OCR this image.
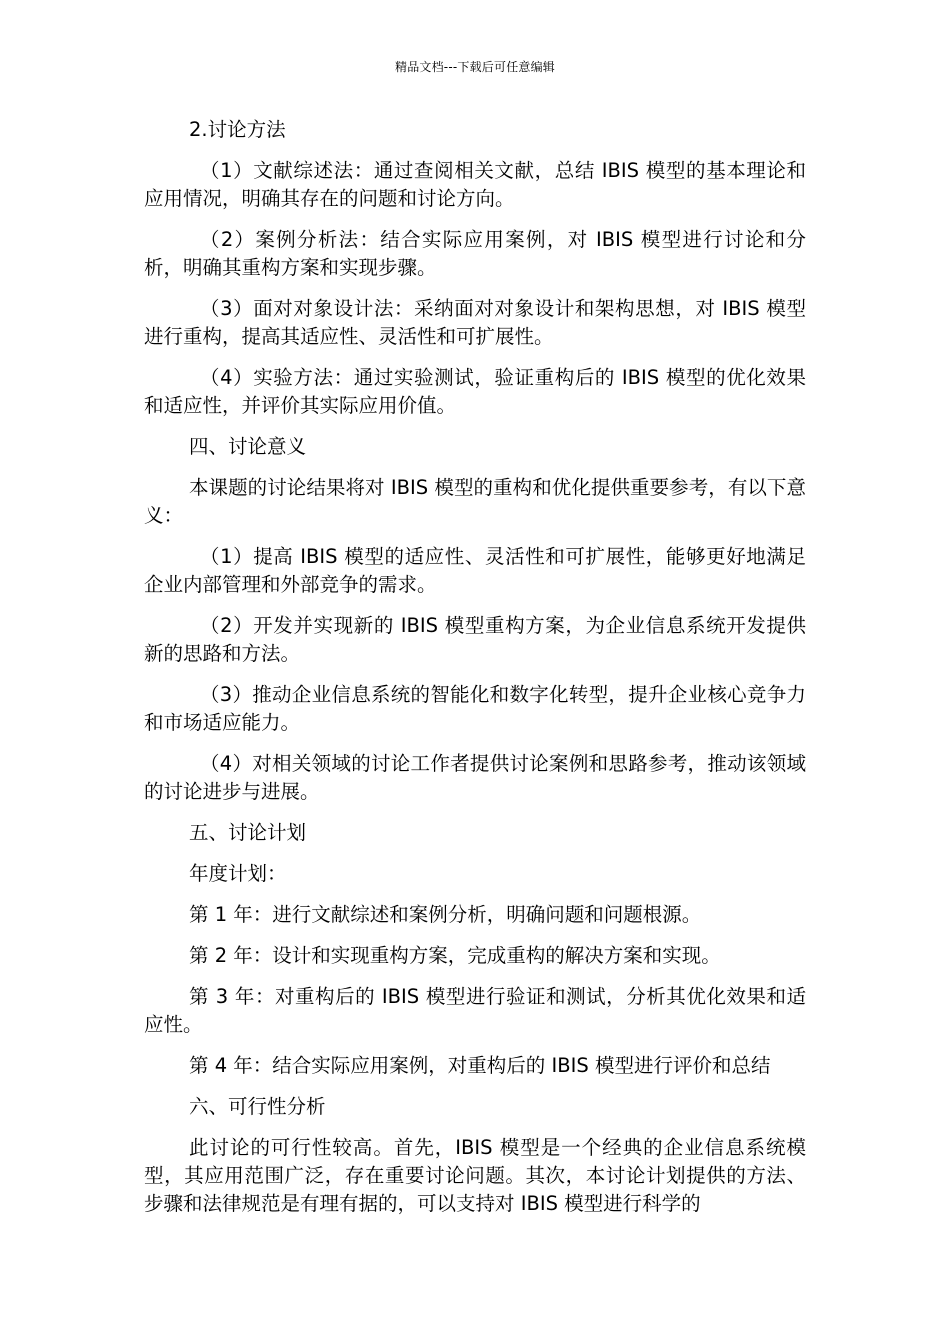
精品文档---下载后可任意编辑

2.讨论方法

（1）文献综述法：通过查阅相关文献，总结 IBIS 模型的基本理论和应用情况，明确其存在的问题和讨论方向。

（2）案例分析法：结合实际应用案例，对 IBIS 模型进行讨论和分析，明确其重构方案和实现步骤。

（3）面对对象设计法：采纳面对对象设计和架构思想，对 IBIS 模型进行重构，提高其适应性、灵活性和可扩展性。

（4）实验方法：通过实验测试，验证重构后的 IBIS 模型的优化效果和适应性，并评价其实际应用价值。

四、讨论意义

本课题的讨论结果将对 IBIS 模型的重构和优化提供重要参考，有以下意义：

（1）提高 IBIS 模型的适应性、灵活性和可扩展性，能够更好地满足企业内部管理和外部竞争的需求。

（2）开发并实现新的 IBIS 模型重构方案，为企业信息系统开发提供新的思路和方法。

（3）推动企业信息系统的智能化和数字化转型，提升企业核心竞争力和市场适应能力。

（4）对相关领域的讨论工作者提供讨论案例和思路参考，推动该领域的讨论进步与进展。

五、讨论计划

年度计划：

第 1 年：进行文献综述和案例分析，明确问题和问题根源。

第 2 年：设计和实现重构方案，完成重构的解决方案和实现。

第 3 年：对重构后的 IBIS 模型进行验证和测试，分析其优化效果和适应性。

第 4 年：结合实际应用案例，对重构后的 IBIS 模型进行评价和总结

六、可行性分析

此讨论的可行性较高。首先，IBIS 模型是一个经典的企业信息系统模型，其应用范围广泛，存在重要讨论问题。其次，本讨论计划提供的方法、步骤和法律规范是有理有据的，可以支持对 IBIS 模型进行科学的
